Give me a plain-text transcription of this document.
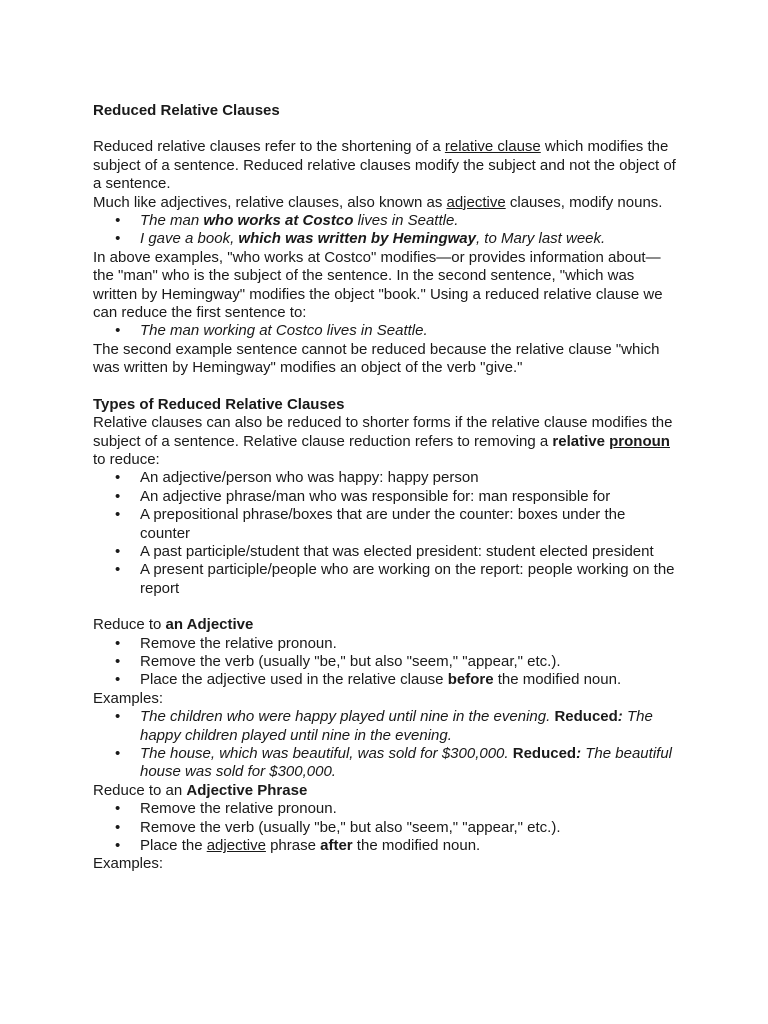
Reduced Relative Clauses

Reduced relative clauses refer to the shortening of a relative clause which modifies the subject of a sentence. Reduced relative clauses modify the subject and not the object of a sentence.

Much like adjectives, relative clauses, also known as adjective clauses, modify nouns.

• The man who works at Costco lives in Seattle.
• I gave a book, which was written by Hemingway, to Mary last week.

In above examples, "who works at Costco" modifies—or provides information about—the "man" who is the subject of the sentence. In the second sentence, "which was written by Hemingway" modifies the object "book." Using a reduced relative clause we can reduce the first sentence to:

• The man working at Costco lives in Seattle.

The second example sentence cannot be reduced because the relative clause "which was written by Hemingway" modifies an object of the verb "give."

Types of Reduced Relative Clauses

Relative clauses can also be reduced to shorter forms if the relative clause modifies the subject of a sentence. Relative clause reduction refers to removing a relative pronoun to reduce:

• An adjective/person who was happy: happy person
• An adjective phrase/man who was responsible for: man responsible for
• A prepositional phrase/boxes that are under the counter: boxes under the counter
• A past participle/student that was elected president: student elected president
• A present participle/people who are working on the report: people working on the report

Reduce to an Adjective

• Remove the relative pronoun.
• Remove the verb (usually "be," but also "seem," "appear," etc.).
• Place the adjective used in the relative clause before the modified noun.

Examples:

• The children who were happy played until nine in the evening. Reduced: The happy children played until nine in the evening.
• The house, which was beautiful, was sold for $300,000. Reduced: The beautiful house was sold for $300,000.

Reduce to an Adjective Phrase

• Remove the relative pronoun.
• Remove the verb (usually "be," but also "seem," "appear," etc.).
• Place the adjective phrase after the modified noun.

Examples:
